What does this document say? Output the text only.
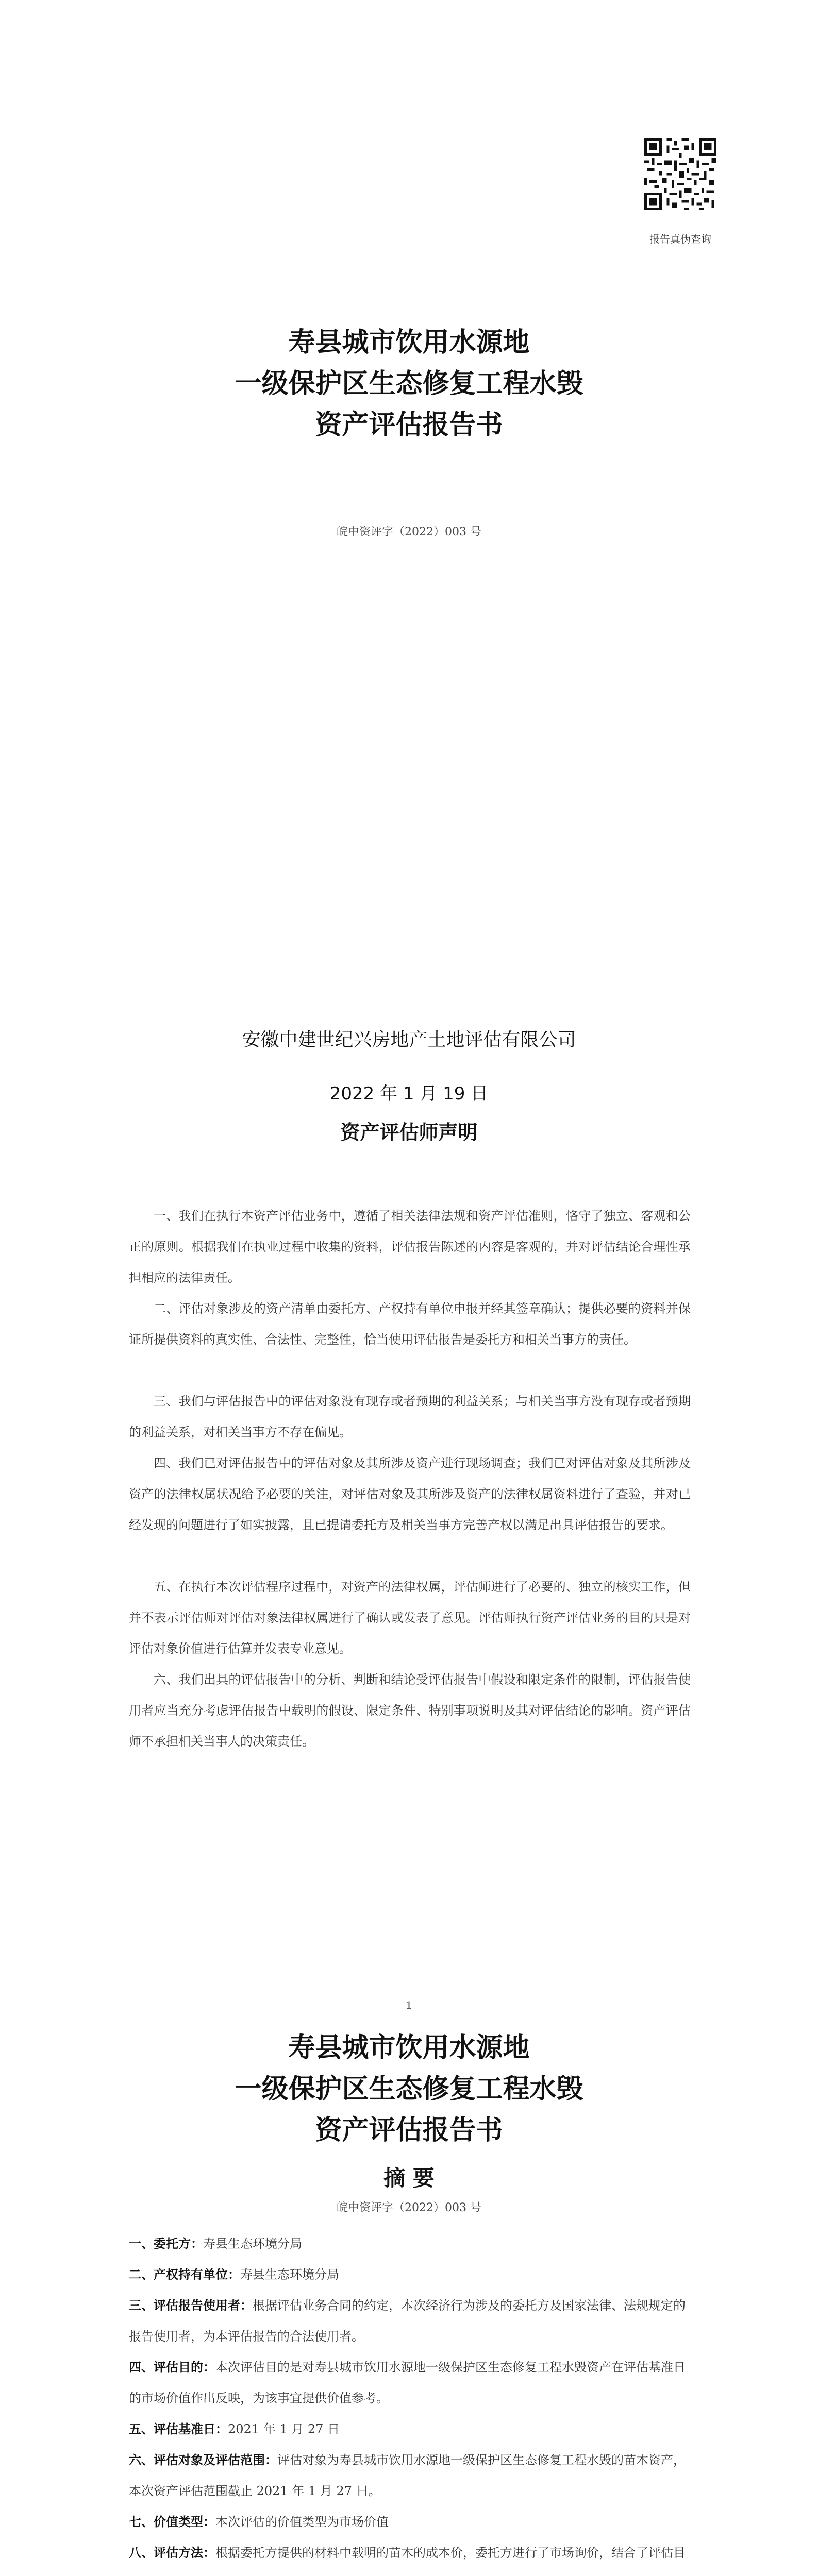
报告真伪查询
寿县城市饮用水源地
一级保护区生态修复工程水毁
资产评估报告书
皖中资评字（2022）003 号
安徽中建世纪兴房地产土地评估有限公司
2022 年 1 月 19 日
资产评估师声明
一、我们在执行本资产评估业务中，遵循了相关法律法规和资产评估准则，恪守了独立、客观和公正的原则。根据我们在执业过程中收集的资料，评估报告陈述的内容是客观的，并对评估结论合理性承担相应的法律责任。
二、评估对象涉及的资产清单由委托方、产权持有单位申报并经其签章确认；提供必要的资料并保证所提供资料的真实性、合法性、完整性，恰当使用评估报告是委托方和相关当事方的责任。
三、我们与评估报告中的评估对象没有现存或者预期的利益关系；与相关当事方没有现存或者预期的利益关系，对相关当事方不存在偏见。
四、我们已对评估报告中的评估对象及其所涉及资产进行现场调查；我们已对评估对象及其所涉及资产的法律权属状况给予必要的关注，对评估对象及其所涉及资产的法律权属资料进行了查验，并对已经发现的问题进行了如实披露，且已提请委托方及相关当事方完善产权以满足出具评估报告的要求。
五、在执行本次评估程序过程中，对资产的法律权属，评估师进行了必要的、独立的核实工作，但并不表示评估师对评估对象法律权属进行了确认或发表了意见。评估师执行资产评估业务的目的只是对评估对象价值进行估算并发表专业意见。
六、我们出具的评估报告中的分析、判断和结论受评估报告中假设和限定条件的限制，评估报告使用者应当充分考虑评估报告中载明的假设、限定条件、特别事项说明及其对评估结论的影响。资产评估师不承担相关当事人的决策责任。
1
寿县城市饮用水源地
一级保护区生态修复工程水毁
资产评估报告书
摘 要
皖中资评字（2022）003 号
一、委托方：寿县生态环境分局
二、产权持有单位：寿县生态环境分局
三、评估报告使用者：根据评估业务合同的约定，本次经济行为涉及的委托方及国家法律、法规规定的报告使用者，为本评估报告的合法使用者。
四、评估目的：本次评估目的是对寿县城市饮用水源地一级保护区生态修复工程水毁资产在评估基准日的市场价值作出反映，为该事宜提供价值参考。
五、评估基准日：2021 年 1 月 27 日
六、评估对象及评估范围：评估对象为寿县城市饮用水源地一级保护区生态修复工程水毁的苗木资产，本次资产评估范围截止 2021 年 1 月 27 日。
七、价值类型：本次评估的价值类型为市场价值
八、评估方法：根据委托方提供的材料中载明的苗木的成本价，委托方进行了市场询价，结合了评估目
